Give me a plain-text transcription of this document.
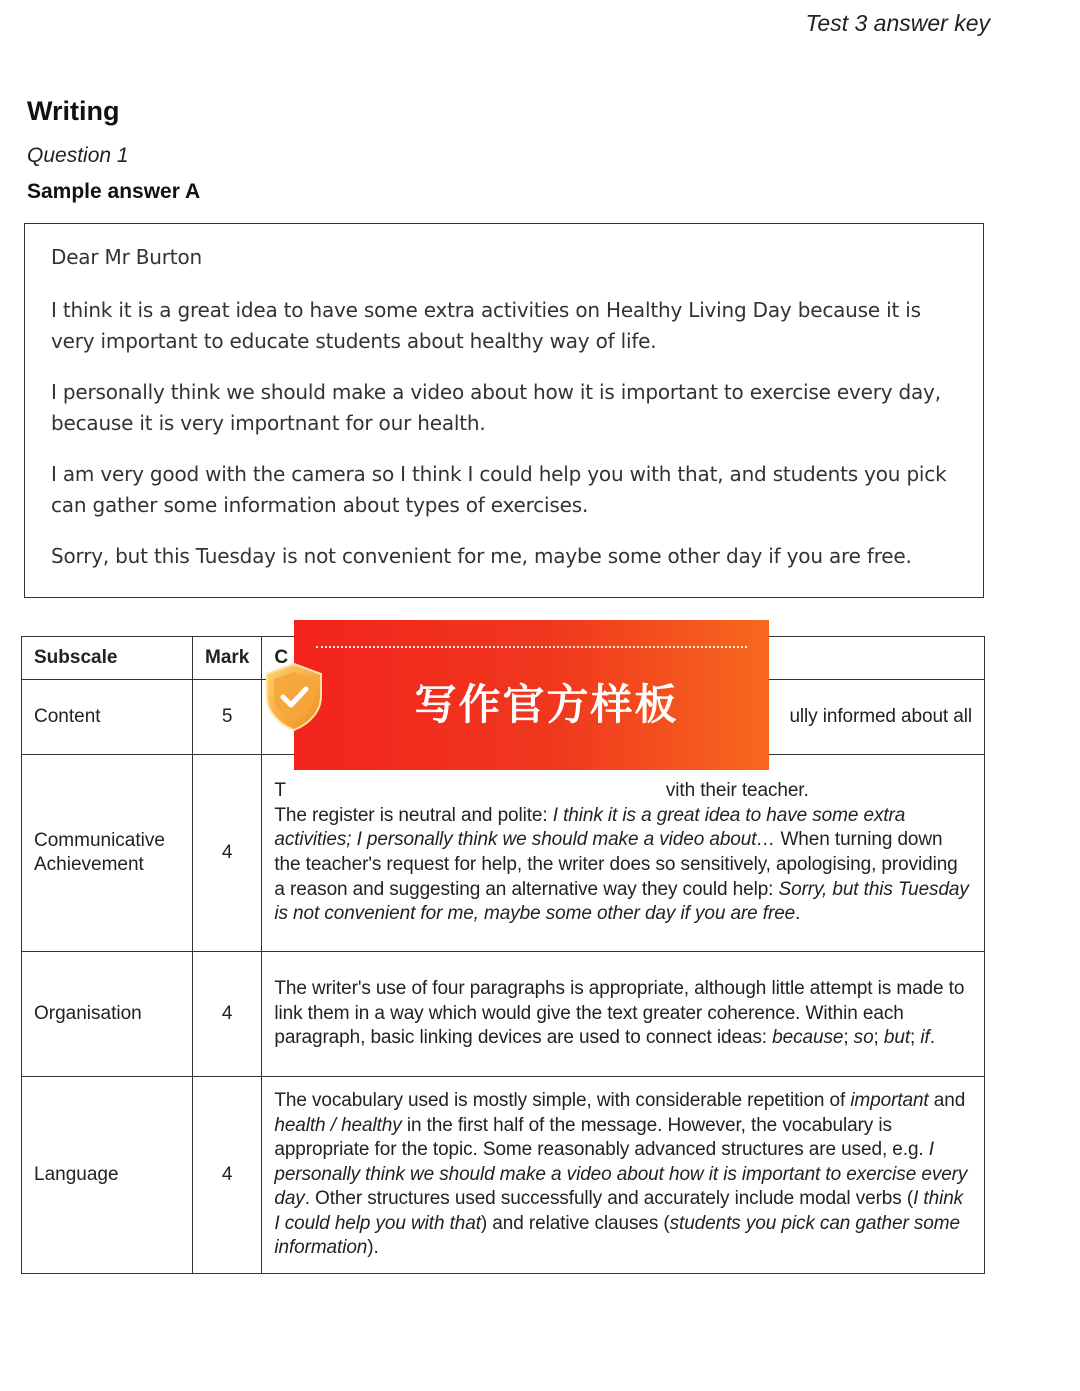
Test 3 answer key
Writing
Question 1
Sample answer A

Dear Mr Burton

I think it is a great idea to have some extra activities on Healthy Living Day because it is very important to educate students about healthy way of life.

I personally think we should make a video about how it is important to exercise every day, because it is very importnant for our health.

I am very good with the camera so I think I could help you with that, and students you pick can gather some information about types of exercises.

Sorry, but this Tuesday is not convenient for me, maybe some other day if you are free.

Subscale	Mark	C
Content	5	ully informed about all
Communicative Achievement	4	T vith their teacher.
The register is neutral and polite: I think it is a great idea to have some extra activities; I personally think we should make a video about… When turning down the teacher's request for help, the writer does so sensitively, apologising, providing a reason and suggesting an alternative way they could help: Sorry, but this Tuesday is not convenient for me, maybe some other day if you are free.
Organisation	4	The writer's use of four paragraphs is appropriate, although little attempt is made to link them in a way which would give the text greater coherence. Within each paragraph, basic linking devices are used to connect ideas: because; so; but; if.
Language	4	The vocabulary used is mostly simple, with considerable repetition of important and health / healthy in the first half of the message. However, the vocabulary is appropriate for the topic. Some reasonably advanced structures are used, e.g. I personally think we should make a video about how it is important to exercise every day. Other structures used successfully and accurately include modal verbs (I think I could help you with that) and relative clauses (students you pick can gather some information).
写作官方样板
